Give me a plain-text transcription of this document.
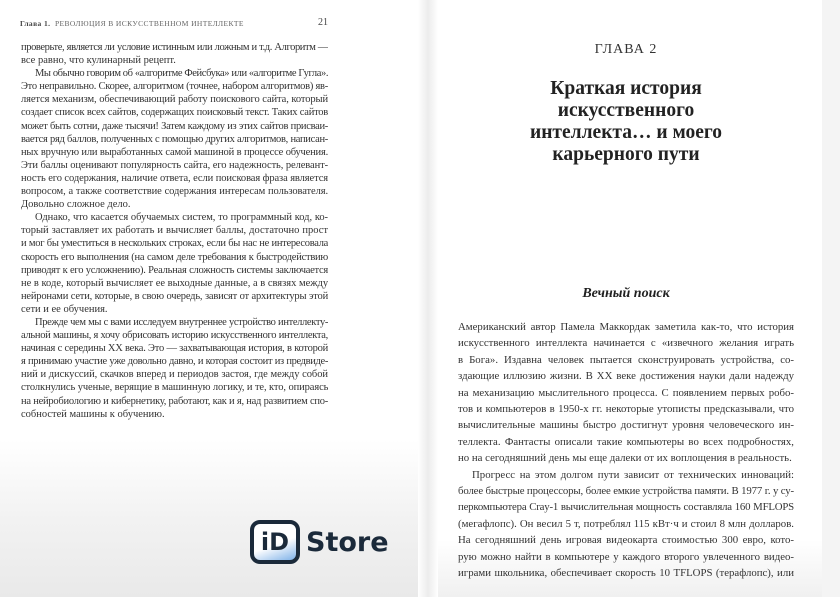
Глава 1. РЕВОЛЮЦИЯ В ИСКУССТВЕННОМ ИНТЕЛЛЕКТЕ	21
проверьте, является ли условие истинным или ложным и т.д. Алгоритм —
все равно, что кулинарный рецепт.
Мы обычно говорим об «алгоритме Фейсбука» или «алгоритме Гугла».
Это неправильно. Скорее, алгоритмом (точнее, набором алгоритмов) яв-
ляется механизм, обеспечивающий работу поискового сайта, который
создает список всех сайтов, содержащих поисковый текст. Таких сайтов
может быть сотни, даже тысячи! Затем каждому из этих сайтов присваи-
вается ряд баллов, полученных с помощью других алгоритмов, написан-
ных вручную или выработанных самой машиной в процессе обучения.
Эти баллы оценивают популярность сайта, его надежность, релевант-
ность его содержания, наличие ответа, если поисковая фраза является
вопросом, а также соответствие содержания интересам пользователя.
Довольно сложное дело.
Однако, что касается обучаемых систем, то программный код, ко-
торый заставляет их работать и вычисляет баллы, достаточно прост
и мог бы уместиться в нескольких строках, если бы нас не интересовала
скорость его выполнения (на самом деле требования к быстродействию
приводят к его усложнению). Реальная сложность системы заключается
не в коде, который вычисляет ее выходные данные, а в связях между
нейронами сети, которые, в свою очередь, зависят от архитектуры этой
сети и ее обучения.
Прежде чем мы с вами исследуем внутреннее устройство интеллекту-
альной машины, я хочу обрисовать историю искусственного интеллекта,
начиная с середины XX века. Это — захватывающая история, в которой
я принимаю участие уже довольно давно, и которая состоит из предвиде-
ний и дискуссий, скачков вперед и периодов застоя, где между собой
столкнулись ученые, верящие в машинную логику, и те, кто, опираясь
на нейробиологию и кибернетику, работают, как и я, над развитием спо-
собностей машины к обучению.
ГЛАВА 2
Краткая история
искусственного
интеллекта… и моего
карьерного пути
Вечный поиск
Американский автор Памела Маккордак заметила как-то, что история
искусственного интеллекта начинается с «извечного желания играть
в Бога». Издавна человек пытается сконструировать устройства, со-
здающие иллюзию жизни. В XX веке достижения науки дали надежду
на механизацию мыслительного процесса. С появлением первых робо-
тов и компьютеров в 1950-х гг. некоторые утописты предсказывали, что
вычислительные машины быстро достигнут уровня человеческого ин-
теллекта. Фантасты описали такие компьютеры во всех подробностях,
но на сегодняшний день мы еще далеки от их воплощения в реальность.
Прогресс на этом долгом пути зависит от технических инноваций:
более быстрые процессоры, более емкие устройства памяти. В 1977 г. у су-
перкомпьютера Cray-1 вычислительная мощность составляла 160 MFLOPS
(мегафлопс). Он весил 5 т, потреблял 115 кВт·ч и стоил 8 млн долларов.
На сегодняшний день игровая видеокарта стоимостью 300 евро, кото-
рую можно найти в компьютере у каждого второго увлеченного видео-
играми школьника, обеспечивает скорость 10 TFLOPS (терафлопс), или
iD Store
